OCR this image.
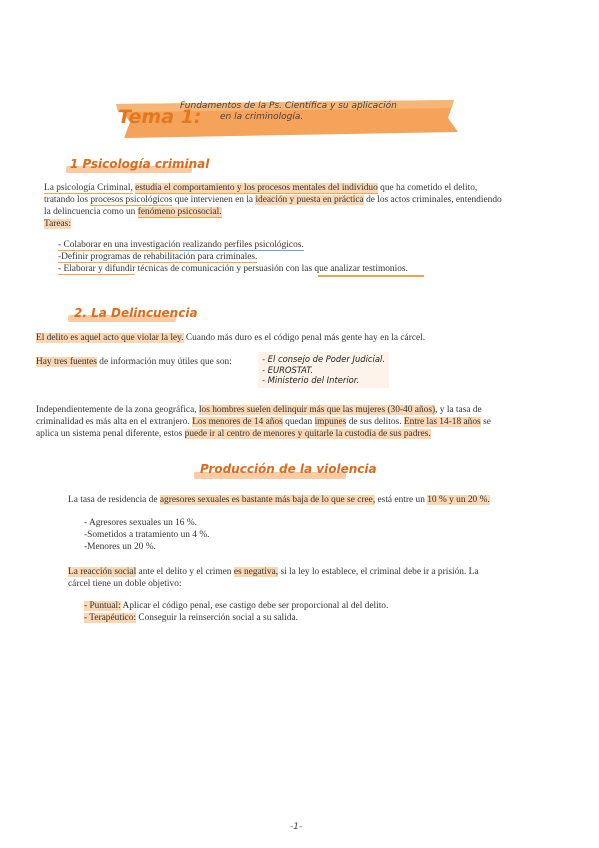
Tema 1:
Fundamentos de la Ps. Científica y su aplicación
en la criminología.
1 Psicología criminal
La psicología Criminal, estudia el comportamiento y los procesos mentales del individuo que ha cometido el delito,
tratando los procesos psicológicos que intervienen en la ideación y puesta en práctica de los actos criminales, entendiendo
la delincuencia como un fenómeno psicosocial.
Tareas:
- Colaborar en una investigación realizando perfiles psicológicos.
-Definir programas de rehabilitación para criminales.
- Elaborar y difundir técnicas de comunicación y persuasión con las que analizar testimonios.
2. La Delincuencia
El delito es aquel acto que violar la ley. Cuando más duro es el código penal más gente hay en la cárcel.
Hay tres fuentes de información muy útiles que son:	- El consejo de Poder Judicial.
- EUROSTAT.
- Ministerio del Interior.
Independientemente de la zona geográfica, los hombres suelen delinquir más que las mujeres (30-40 años), y la tasa de
criminalidad es más alta en el extranjero. Los menores de 14 años quedan impunes de sus delitos. Entre las 14-18 años se
aplica un sistema penal diferente, estos puede ir al centro de menores y quitarle la custodia de sus padres.
Producción de la violencia
La tasa de residencia de agresores sexuales es bastante más baja de lo que se cree, está entre un 10 % y un 20 %.
- Agresores sexuales un 16 %.
-Sometidos a tratamiento un 4 %.
-Menores un 20 %.
La reacción social ante el delito y el crimen es negativa, si la ley lo establece, el criminal debe ir a prisión. La
cárcel tiene un doble objetivo:
- Puntual: Aplicar el código penal, ese castigo debe ser proporcional al del delito.
- Terapéutico: Conseguir la reinserción social a su salida.
-1-
